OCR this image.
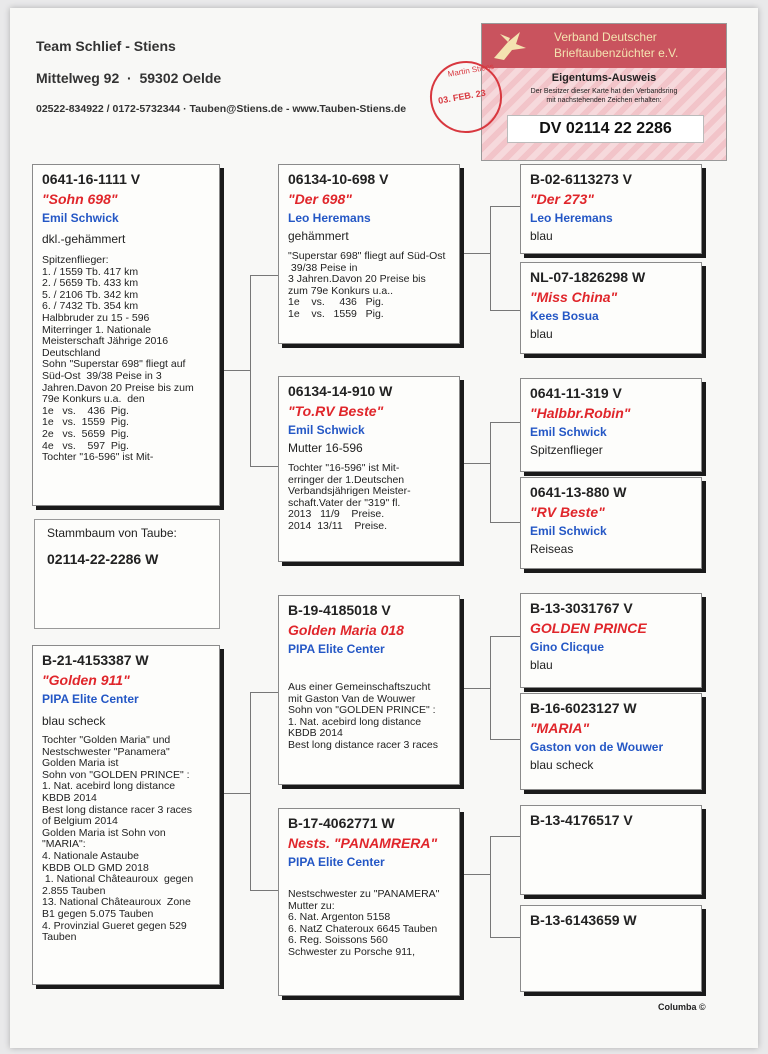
Team Schlief - Stiens
Mittelweg 92  ·  59302 Oelde
02522-834922 / 0172-5732344 · Tauben@Stiens.de - www.Tauben-Stiens.de
Verband Deutscher
Brieftaubenzüchter e.V.
Eigentums-Ausweis
Der Besitzer dieser Karte hat den Verbandsring
mit nachstehenden Zeichen erhalten:
DV 02114 22 2286
Martin Stiens
03. FEB. 23
0641-16-1111 V
"Sohn 698"
Emil Schwick
dkl.-gehämmert
Spitzenflieger:
1. / 1559 Tb. 417 km
2. / 5659 Tb. 433 km
5. / 2106 Tb. 342 km
6. / 7432 Tb. 354 km
Halbbruder zu 15 - 596
Miterringer 1. Nationale
Meisterschaft Jährige 2016
Deutschland
Sohn "Superstar 698" fliegt auf
Süd-Ost  39/38 Peise in 3
Jahren.Davon 20 Preise bis zum
79e Konkurs u.a.  den
1e   vs.    436  Pig.
1e   vs.  1559  Pig.
2e   vs.  5659  Pig.
4e   vs.    597  Pig.
Tochter "16-596" ist Mit-
Stammbaum von Taube:
02114-22-2286 W
B-21-4153387 W
"Golden 911"
PIPA Elite Center
blau scheck
Tochter "Golden Maria" und
Nestschwester "Panamera"
Golden Maria ist
Sohn von "GOLDEN PRINCE" :
1. Nat. acebird long distance
KBDB 2014
Best long distance racer 3 races
of Belgium 2014
Golden Maria ist Sohn von
"MARIA":
4. Nationale Astaube
KBDB OLD GMD 2018
1. National Châteauroux  gegen
2.855 Tauben
13. National Châteauroux  Zone
B1 gegen 5.075 Tauben
4. Provinzial Gueret gegen 529
Tauben
06134-10-698 V
"Der 698"
Leo Heremans
gehämmert
"Superstar 698" fliegt auf Süd-Ost
39/38 Peise in
3 Jahren.Davon 20 Preise bis
zum 79e Konkurs u.a..
1e    vs.     436   Pig.
1e    vs.   1559   Pig.
06134-14-910 W
"To.RV Beste"
Emil Schwick
Mutter 16-596
Tochter "16-596" ist Mit-
erringer der 1.Deutschen
Verbandsjährigen Meister-
schaft.Vater der "319" fl.
2013   11/9    Preise.
2014  13/11    Preise.
B-19-4185018 V
Golden Maria 018
PIPA Elite Center
Aus einer Gemeinschaftszucht
mit Gaston Van de Wouwer
Sohn von "GOLDEN PRINCE" :
1. Nat. acebird long distance
KBDB 2014
Best long distance racer 3 races
B-17-4062771 W
Nests. "PANAMRERA"
PIPA Elite Center
Nestschwester zu "PANAMERA"
Mutter zu:
6. Nat. Argenton 5158
6. NatZ Chateroux 6645 Tauben
6. Reg. Soissons 560
Schwester zu Porsche 911,
B-02-6113273 V
"Der 273"
Leo Heremans
blau
NL-07-1826298 W
"Miss China"
Kees Bosua
blau
0641-11-319 V
"Halbbr.Robin"
Emil Schwick
Spitzenflieger
0641-13-880 W
"RV Beste"
Emil Schwick
Reiseas
B-13-3031767 V
GOLDEN PRINCE
Gino Clicque
blau
B-16-6023127 W
"MARIA"
Gaston von de Wouwer
blau scheck
B-13-4176517 V
B-13-6143659 W
Columba ©
